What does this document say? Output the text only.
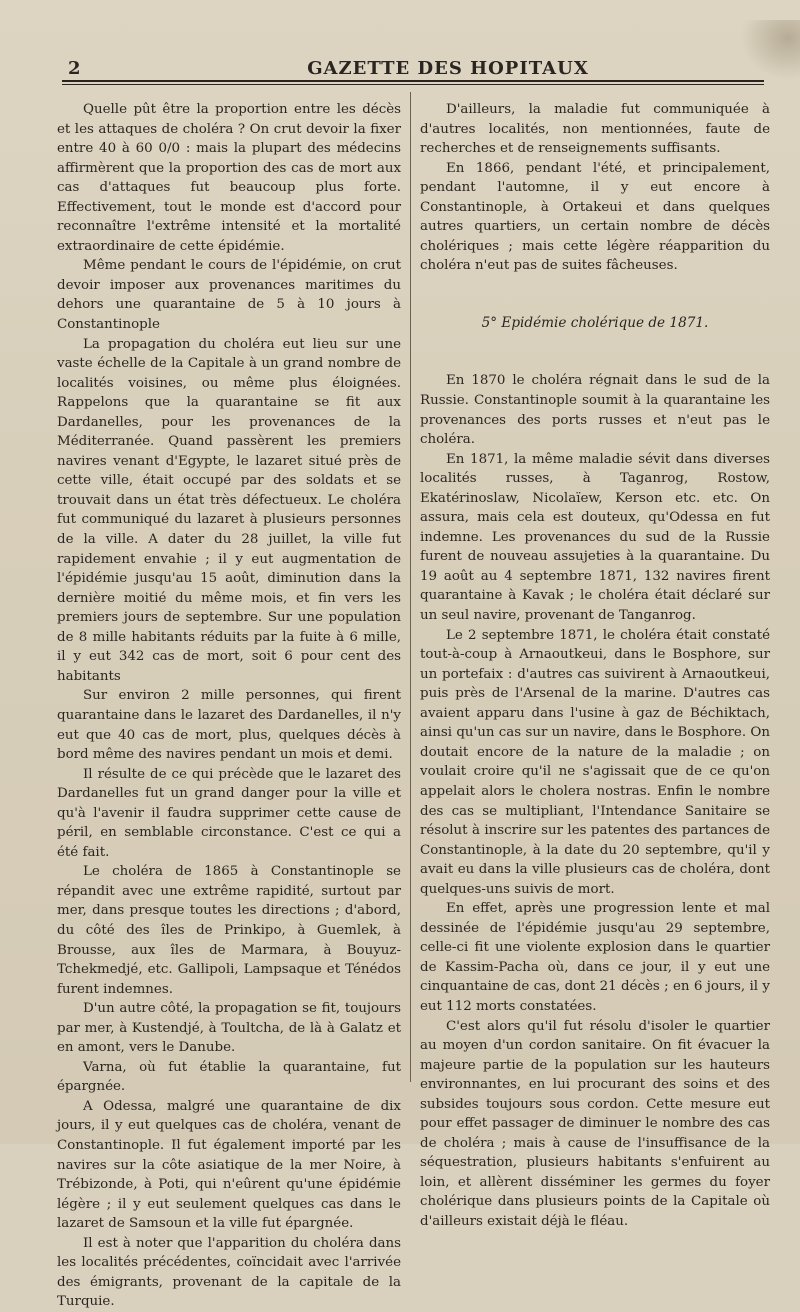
2	GAZETTE DES HOPITAUX

Quelle pût être la proportion entre les décès et les attaques de choléra ? On crut devoir la fixer entre 40 à 60 0/0 : mais la plupart des médecins affirmèrent que la proportion des cas de mort aux cas d'attaques fut beaucoup plus forte. Effectivement, tout le monde est d'accord pour reconnaître l'extrême intensité et la mortalité extraordinaire de cette épidémie.

Même pendant le cours de l'épidémie, on crut devoir imposer aux provenances maritimes du dehors une quarantaine de 5 à 10 jours à Constantinople

La propagation du choléra eut lieu sur une vaste échelle de la Capitale à un grand nombre de localités voisines, ou même plus éloignées. Rappelons que la quarantaine se fit aux Dardanelles, pour les provenances de la Méditerranée. Quand passèrent les premiers navires venant d'Egypte, le lazaret situé près de cette ville, était occupé par des soldats et se trouvait dans un état très défectueux. Le choléra fut communiqué du lazaret à plusieurs personnes de la ville. A dater du 28 juillet, la ville fut rapidement envahie ; il y eut augmentation de l'épidémie jusqu'au 15 août, diminution dans la dernière moitié du même mois, et fin vers les premiers jours de septembre. Sur une population de 8 mille habitants réduits par la fuite à 6 mille, il y eut 342 cas de mort, soit 6 pour cent des habitants

Sur environ 2 mille personnes, qui firent quarantaine dans le lazaret des Dardanelles, il n'y eut que 40 cas de mort, plus, quelques décès à bord même des navires pendant un mois et demi.

Il résulte de ce qui précède que le lazaret des Dardanelles fut un grand danger pour la ville et qu'à l'avenir il faudra supprimer cette cause de péril, en semblable circonstance. C'est ce qui a été fait.

Le choléra de 1865 à Constantinople se répandit avec une extrême rapidité, surtout par mer, dans presque toutes les directions ; d'abord, du côté des îles de Prinkipo, à Guemlek, à Brousse, aux îles de Marmara, à Bouyuz-Tchekmedjé, etc. Gallipoli, Lampsaque et Ténédos furent indemnes.

D'un autre côté, la propagation se fit, toujours par mer, à Kustendjé, à Toultcha, de là à Galatz et en amont, vers le Danube.

Varna, où fut établie la quarantaine, fut épargnée.

A Odessa, malgré une quarantaine de dix jours, il y eut quelques cas de choléra, venant de Constantinople. Il fut également importé par les navires sur la côte asiatique de la mer Noire, à Trébizonde, à Poti, qui n'eûrent qu'une épidémie légère ; il y eut seulement quelques cas dans le lazaret de Samsoun et la ville fut épargnée.

Il est à noter que l'apparition du choléra dans les localités précédentes, coïncidait avec l'arrivée des émigrants, provenant de la capitale de la Turquie.

D'ailleurs, la maladie fut communiquée à d'autres localités, non mentionnées, faute de recherches et de renseignements suffisants.

En 1866, pendant l'été, et principalement, pendant l'automne, il y eut encore à Constantinople, à Ortakeui et dans quelques autres quartiers, un certain nombre de décès cholériques ; mais cette légère réapparition du choléra n'eut pas de suites fâcheuses.

5° Epidémie cholérique de 1871.

En 1870 le choléra régnait dans le sud de la Russie. Constantinople soumit à la quarantaine les provenances des ports russes et n'eut pas le choléra.

En 1871, la même maladie sévit dans diverses localités russes, à Taganrog, Rostow, Ekatérinoslaw, Nicolaïew, Kerson etc. etc. On assura, mais cela est douteux, qu'Odessa en fut indemne. Les provenances du sud de la Russie furent de nouveau assujeties à la quarantaine. Du 19 août au 4 septembre 1871, 132 navires firent quarantaine à Kavak ; le choléra était déclaré sur un seul navire, provenant de Tanganrog.

Le 2 septembre 1871, le choléra était constaté tout-à-coup à Arnaoutkeui, dans le Bosphore, sur un portefaix : d'autres cas suivirent à Arnaoutkeui, puis près de l'Arsenal de la marine. D'autres cas avaient apparu dans l'usine à gaz de Béchiktach, ainsi qu'un cas sur un navire, dans le Bosphore. On doutait encore de la nature de la maladie ; on voulait croire qu'il ne s'agissait que de ce qu'on appelait alors le cholera nostras. Enfin le nombre des cas se multipliant, l'Intendance Sanitaire se résolut à inscrire sur les patentes des partances de Constantinople, à la date du 20 septembre, qu'il y avait eu dans la ville plusieurs cas de choléra, dont quelques-uns suivis de mort.

En effet, après une progression lente et mal dessinée de l'épidémie jusqu'au 29 septembre, celle-ci fit une violente explosion dans le quartier de Kassim-Pacha où, dans ce jour, il y eut une cinquantaine de cas, dont 21 décès ; en 6 jours, il y eut 112 morts constatées.

C'est alors qu'il fut résolu d'isoler le quartier au moyen d'un cordon sanitaire. On fit évacuer la majeure partie de la population sur les hauteurs environnantes, en lui procurant des soins et des subsides toujours sous cordon. Cette mesure eut pour effet passager de diminuer le nombre des cas de choléra ; mais à cause de l'insuffisance de la séquestration, plusieurs habitants s'enfuirent au loin, et allèrent disséminer les germes du foyer cholérique dans plusieurs points de la Capitale où d'ailleurs existait déjà le fléau.
